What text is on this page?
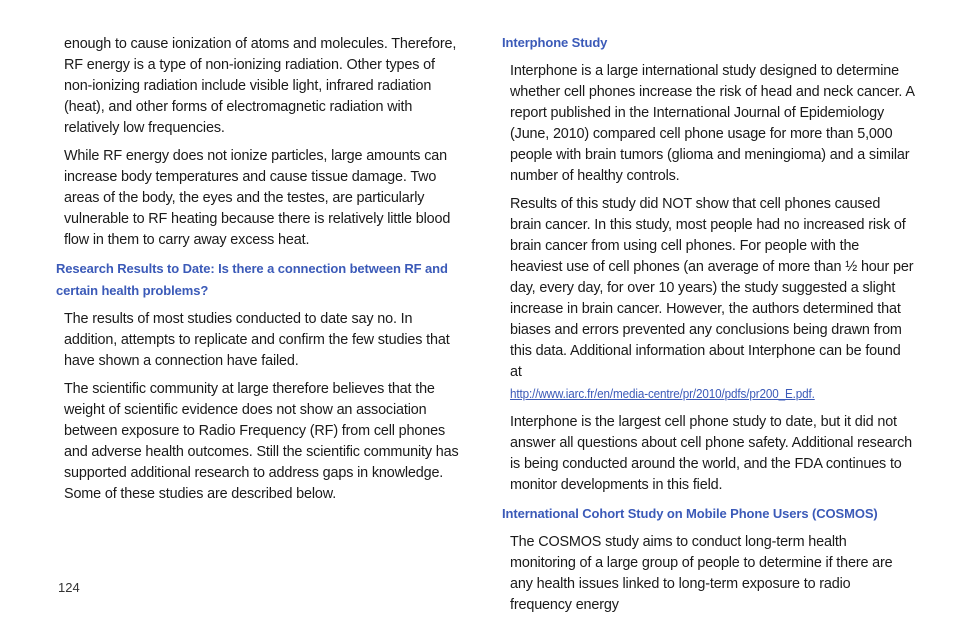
enough to cause ionization of atoms and molecules. Therefore, RF energy is a type of non-ionizing radiation. Other types of non-ionizing radiation include visible light, infrared radiation (heat), and other forms of electromagnetic radiation with relatively low frequencies.

While RF energy does not ionize particles, large amounts can increase body temperatures and cause tissue damage. Two areas of the body, the eyes and the testes, are particularly vulnerable to RF heating because there is relatively little blood flow in them to carry away excess heat.

Research Results to Date: Is there a connection between RF and certain health problems?

The results of most studies conducted to date say no. In addition, attempts to replicate and confirm the few studies that have shown a connection have failed.

The scientific community at large therefore believes that the weight of scientific evidence does not show an association between exposure to Radio Frequency (RF) from cell phones and adverse health outcomes. Still the scientific community has supported additional research to address gaps in knowledge. Some of these studies are described below.

Interphone Study

Interphone is a large international study designed to determine whether cell phones increase the risk of head and neck cancer. A report published in the International Journal of Epidemiology (June, 2010) compared cell phone usage for more than 5,000 people with brain tumors (glioma and meningioma) and a similar number of healthy controls.

Results of this study did NOT show that cell phones caused brain cancer. In this study, most people had no increased risk of brain cancer from using cell phones. For people with the heaviest use of cell phones (an average of more than ½ hour per day, every day, for over 10 years) the study suggested a slight increase in brain cancer. However, the authors determined that biases and errors prevented any conclusions being drawn from this data. Additional information about Interphone can be found at
http://www.iarc.fr/en/media-centre/pr/2010/pdfs/pr200_E.pdf.

Interphone is the largest cell phone study to date, but it did not answer all questions about cell phone safety. Additional research is being conducted around the world, and the FDA continues to monitor developments in this field.

International Cohort Study on Mobile Phone Users (COSMOS)

The COSMOS study aims to conduct long-term health monitoring of a large group of people to determine if there are any health issues linked to long-term exposure to radio frequency energy

124
